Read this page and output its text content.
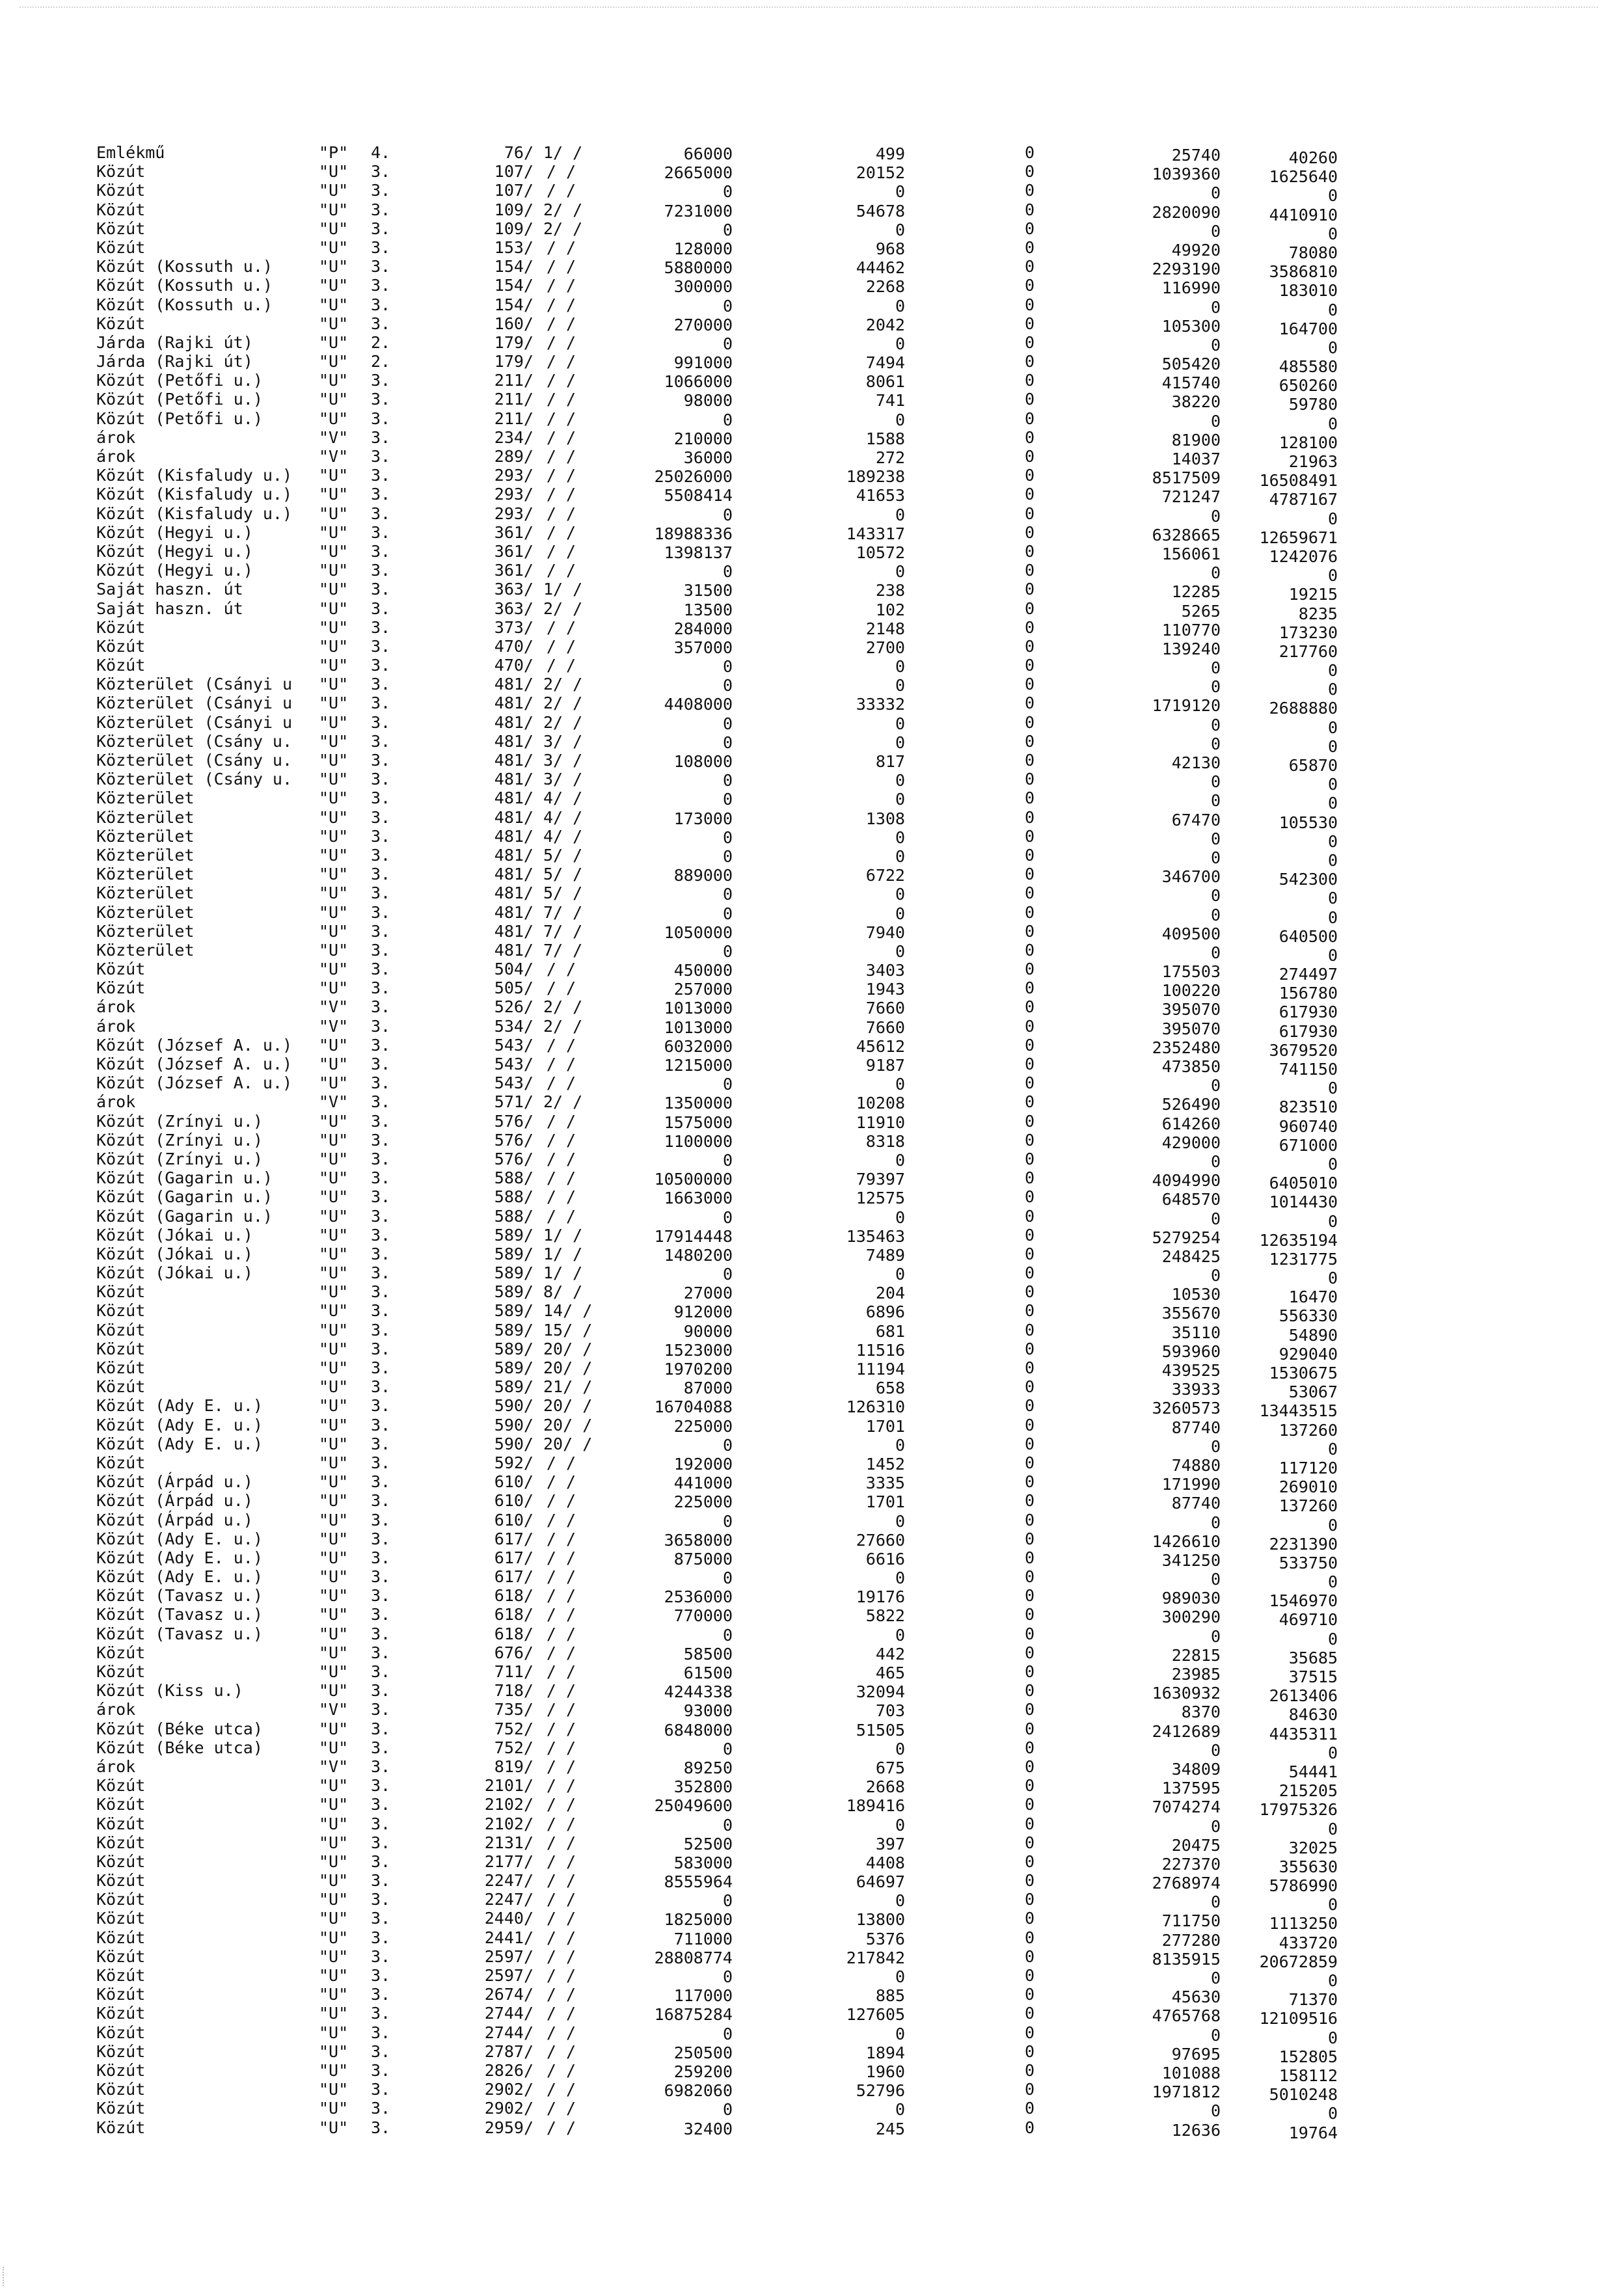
Emlékmű	"P" 4.	76/ 1/ /	66000	499	0	25740	40260
Közút	"U" 3.	107/ / /	2665000	20152	0	1039360	1625640
Közút	"U" 3.	107/ / /	0	0	0	0	0
Közút	"U" 3.	109/ 2/ /	7231000	54678	0	2820090	4410910
Közút	"U" 3.	109/ 2/ /	0	0	0	0	0
Közút	"U" 3.	153/ / /	128000	968	0	49920	78080
Közút (Kossuth u.)	"U" 3.	154/ / /	5880000	44462	0	2293190	3586810
Közút (Kossuth u.)	"U" 3.	154/ / /	300000	2268	0	116990	183010
Közút (Kossuth u.)	"U" 3.	154/ / /	0	0	0	0	0
Közút	"U" 3.	160/ / /	270000	2042	0	105300	164700
Járda (Rajki út)	"U" 2.	179/ / /	0	0	0	0	0
Járda (Rajki út)	"U" 2.	179/ / /	991000	7494	0	505420	485580
Közút (Petőfi u.)	"U" 3.	211/ / /	1066000	8061	0	415740	650260
Közút (Petőfi u.)	"U" 3.	211/ / /	98000	741	0	38220	59780
Közút (Petőfi u.)	"U" 3.	211/ / /	0	0	0	0	0
árok	"V" 3.	234/ / /	210000	1588	0	81900	128100
árok	"V" 3.	289/ / /	36000	272	0	14037	21963
Közút (Kisfaludy u.) "U" 3.	293/ / /	25026000	189238	0	8517509 16508491
Közút (Kisfaludy u.) "U" 3.	293/ / /	5508414	41653	0	721247	4787167
Közút (Kisfaludy u.) "U" 3.	293/ / /	0	0	0	0	0
Közút (Hegyi u.)	"U" 3.	361/ / /	18988336	143317	0	6328665 12659671
Közút (Hegyi u.)	"U" 3.	361/ / /	1398137	10572	0	156061	1242076
Közút (Hegyi u.)	"U" 3.	361/ / /	0	0	0	0	0
Saját haszn. út	"U" 3.	363/ 1/ /	31500	238	0	12285	19215
Saját haszn. út	"U" 3.	363/ 2/ /	13500	102	0	5265	8235
Közút	"U" 3.	373/ / /	284000	2148	0	110770	173230
Közút	"U" 3.	470/ / /	357000	2700	0	139240	217760
Közút	"U" 3.	470/ / /	0	0	0	0	0
Közterület (Csányi u "U" 3.	481/ 2/ /	0	0	0	0	0
Közterület (Csányi u "U" 3.	481/ 2/ /	4408000	33332	0	1719120	2688880
Közterület (Csányi u "U" 3.	481/ 2/ /	0	0	0	0	0
Közterület (Csány u. "U" 3.	481/ 3/ /	0	0	0	0	0
Közterület (Csány u. "U" 3.	481/ 3/ /	108000	817	0	42130	65870
Közterület (Csány u. "U" 3.	481/ 3/ /	0	0	0	0	0
Közterület	"U" 3.	481/ 4/ /	0	0	0	0	0
Közterület	"U" 3.	481/ 4/ /	173000	1308	0	67470	105530
Közterület	"U" 3.	481/ 4/ /	0	0	0	0	0
Közterület	"U" 3.	481/ 5/ /	0	0	0	0	0
Közterület	"U" 3.	481/ 5/ /	889000	6722	0	346700	542300
Közterület	"U" 3.	481/ 5/ /	0	0	0	0	0
Közterület	"U" 3.	481/ 7/ /	0	0	0	0	0
Közterület	"U" 3.	481/ 7/ /	1050000	7940	0	409500	640500
Közterület	"U" 3.	481/ 7/ /	0	0	0	0	0
Közút	"U" 3.	504/ / /	450000	3403	0	175503	274497
Közút	"U" 3.	505/ / /	257000	1943	0	100220	156780
árok	"V" 3.	526/ 2/ /	1013000	7660	0	395070	617930
árok	"V" 3.	534/ 2/ /	1013000	7660	0	395070	617930
Közút (József A. u.) "U" 3.	543/ / /	6032000	45612	0	2352480	3679520
Közút (József A. u.) "U" 3.	543/ / /	1215000	9187	0	473850	741150
Közút (József A. u.) "U" 3.	543/ / /	0	0	0	0	0
árok	"V" 3.	571/ 2/ /	1350000	10208	0	526490	823510
Közút (Zrínyi u.)	"U" 3.	576/ / /	1575000	11910	0	614260	960740
Közút (Zrínyi u.)	"U" 3.	576/ / /	1100000	8318	0	429000	671000
Közút (Zrínyi u.)	"U" 3.	576/ / /	0	0	0	0	0
Közút (Gagarin u.)	"U" 3.	588/ / /	10500000	79397	0	4094990	6405010
Közút (Gagarin u.)	"U" 3.	588/ / /	1663000	12575	0	648570	1014430
Közút (Gagarin u.)	"U" 3.	588/ / /	0	0	0	0	0
Közút (Jókai u.)	"U" 3.	589/ 1/ /	17914448	135463	0	5279254 12635194
Közút (Jókai u.)	"U" 3.	589/ 1/ /	1480200	7489	0	248425	1231775
Közút (Jókai u.)	"U" 3.	589/ 1/ /	0	0	0	0	0
Közút	"U" 3.	589/ 8/ /	27000	204	0	10530	16470
Közút	"U" 3.	589/ 14/ /	912000	6896	0	355670	556330
Közút	"U" 3.	589/ 15/ /	90000	681	0	35110	54890
Közút	"U" 3.	589/ 20/ /	1523000	11516	0	593960	929040
Közút	"U" 3.	589/ 20/ /	1970200	11194	0	439525	1530675
Közút	"U" 3.	589/ 21/ /	87000	658	0	33933	53067
Közút (Ady E. u.)	"U" 3.	590/ 20/ /	16704088	126310	0	3260573 13443515
Közút (Ady E. u.)	"U" 3.	590/ 20/ /	225000	1701	0	87740	137260
Közút (Ady E. u.)	"U" 3.	590/ 20/ /	0	0	0	0	0
Közút	"U" 3.	592/ / /	192000	1452	0	74880	117120
Közút (Árpád u.)	"U" 3.	610/ / /	441000	3335	0	171990	269010
Közút (Árpád u.)	"U" 3.	610/ / /	225000	1701	0	87740	137260
Közút (Árpád u.)	"U" 3.	610/ / /	0	0	0	0	0
Közút (Ady E. u.)	"U" 3.	617/ / /	3658000	27660	0	1426610	2231390
Közút (Ady E. u.)	"U" 3.	617/ / /	875000	6616	0	341250	533750
Közút (Ady E. u.)	"U" 3.	617/ / /	0	0	0	0	0
Közút (Tavasz u.)	"U" 3.	618/ / /	2536000	19176	0	989030	1546970
Közút (Tavasz u.)	"U" 3.	618/ / /	770000	5822	0	300290	469710
Közút (Tavasz u.)	"U" 3.	618/ / /	0	0	0	0	0
Közút	"U" 3.	676/ / /	58500	442	0	22815	35685
Közút	"U" 3.	711/ / /	61500	465	0	23985	37515
Közút (Kiss u.)	"U" 3.	718/ / /	4244338	32094	0	1630932	2613406
árok	"V" 3.	735/ / /	93000	703	0	8370	84630
Közút (Béke utca)	"U" 3.	752/ / /	6848000	51505	0	2412689	4435311
Közút (Béke utca)	"U" 3.	752/ / /	0	0	0	0	0
árok	"V" 3.	819/ / /	89250	675	0	34809	54441
Közút	"U" 3.	2101/ / /	352800	2668	0	137595	215205
Közút	"U" 3.	2102/ / /	25049600	189416	0	7074274 17975326
Közút	"U" 3.	2102/ / /	0	0	0	0	0
Közút	"U" 3.	2131/ / /	52500	397	0	20475	32025
Közút	"U" 3.	2177/ / /	583000	4408	0	227370	355630
Közút	"U" 3.	2247/ / /	8555964	64697	0	2768974	5786990
Közút	"U" 3.	2247/ / /	0	0	0	0	0
Közút	"U" 3.	2440/ / /	1825000	13800	0	711750	1113250
Közút	"U" 3.	2441/ / /	711000	5376	0	277280	433720
Közút	"U" 3.	2597/ / /	28808774	217842	0	8135915 20672859
Közút	"U" 3.	2597/ / /	0	0	0	0	0
Közút	"U" 3.	2674/ / /	117000	885	0	45630	71370
Közút	"U" 3.	2744/ / /	16875284	127605	0	4765768 12109516
Közút	"U" 3.	2744/ / /	0	0	0	0	0
Közút	"U" 3.	2787/ / /	250500	1894	0	97695	152805
Közút	"U" 3.	2826/ / /	259200	1960	0	101088	158112
Közút	"U" 3.	2902/ / /	6982060	52796	0	1971812	5010248
Közút	"U" 3.	2902/ / /	0	0	0	0	0
Közút	"U" 3.	2959/ / /	32400	245	0	12636	19764
